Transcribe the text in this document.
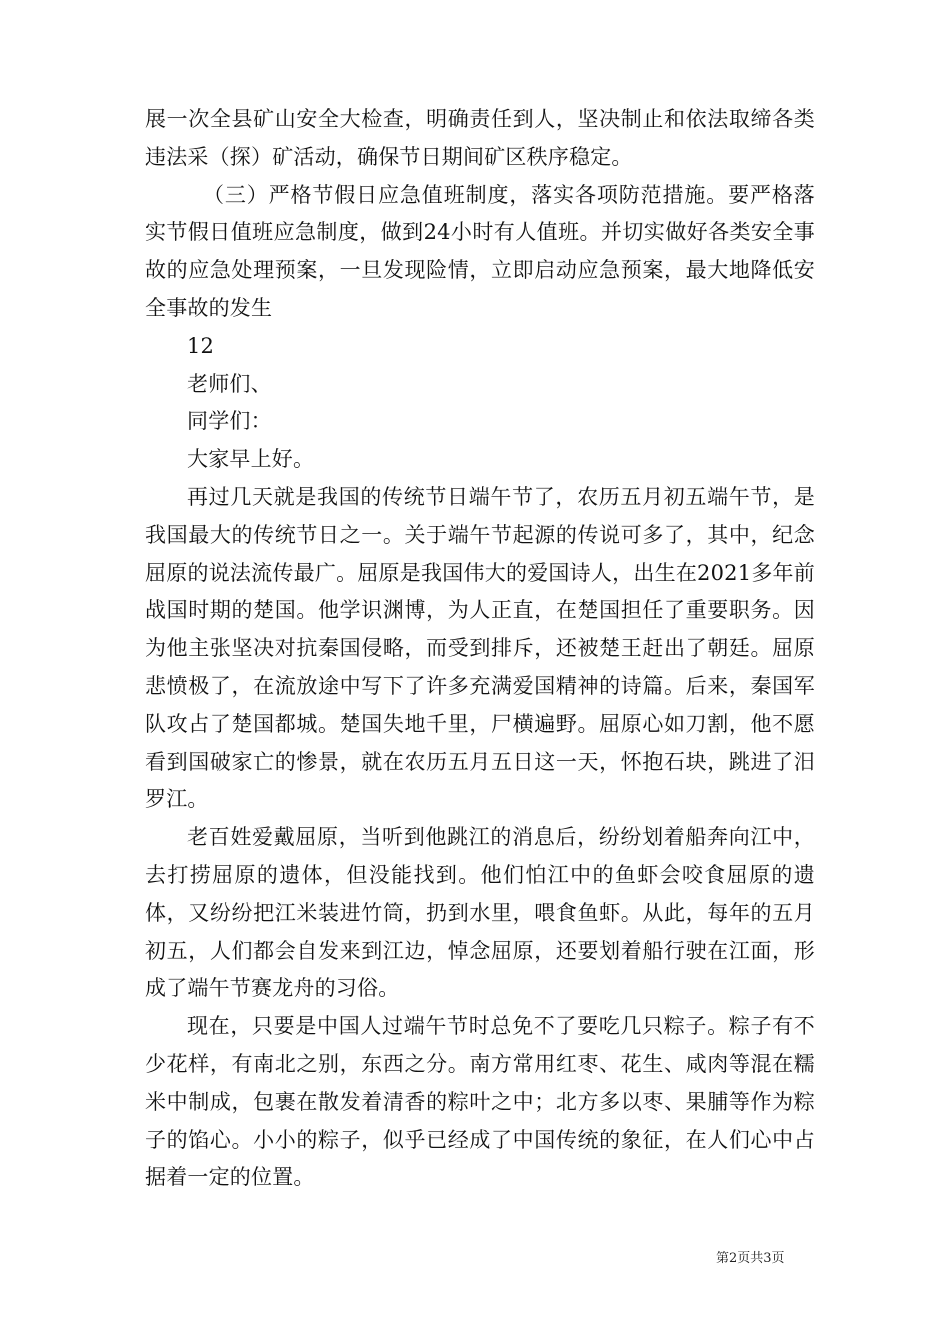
展一次全县矿山安全大检查，明确责任到人，坚决制止和依法取缔各类违法采（探）矿活动，确保节日期间矿区秩序稳定。

（三）严格节假日应急值班制度，落实各项防范措施。要严格落实节假日值班应急制度，做到24小时有人值班。并切实做好各类安全事故的应急处理预案，一旦发现险情，立即启动应急预案，最大地降低安全事故的发生

12

老师们、

同学们：

大家早上好。

再过几天就是我国的传统节日端午节了，农历五月初五端午节，是我国最大的传统节日之一。关于端午节起源的传说可多了，其中，纪念屈原的说法流传最广。屈原是我国伟大的爱国诗人，出生在2021多年前战国时期的楚国。他学识渊博，为人正直，在楚国担任了重要职务。因为他主张坚决对抗秦国侵略，而受到排斥，还被楚王赶出了朝廷。屈原悲愤极了，在流放途中写下了许多充满爱国精神的诗篇。后来，秦国军队攻占了楚国都城。楚国失地千里，尸横遍野。屈原心如刀割，他不愿看到国破家亡的惨景，就在农历五月五日这一天，怀抱石块，跳进了汨罗江。

老百姓爱戴屈原，当听到他跳江的消息后，纷纷划着船奔向江中，去打捞屈原的遗体，但没能找到。他们怕江中的鱼虾会咬食屈原的遗体，又纷纷把江米装进竹筒，扔到水里，喂食鱼虾。从此，每年的五月初五，人们都会自发来到江边，悼念屈原，还要划着船行驶在江面，形成了端午节赛龙舟的习俗。

现在，只要是中国人过端午节时总免不了要吃几只粽子。粽子有不少花样，有南北之别，东西之分。南方常用红枣、花生、咸肉等混在糯米中制成，包裹在散发着清香的粽叶之中；北方多以枣、果脯等作为粽子的馅心。小小的粽子，似乎已经成了中国传统的象征，在人们心中占据着一定的位置。

第2页共3页
